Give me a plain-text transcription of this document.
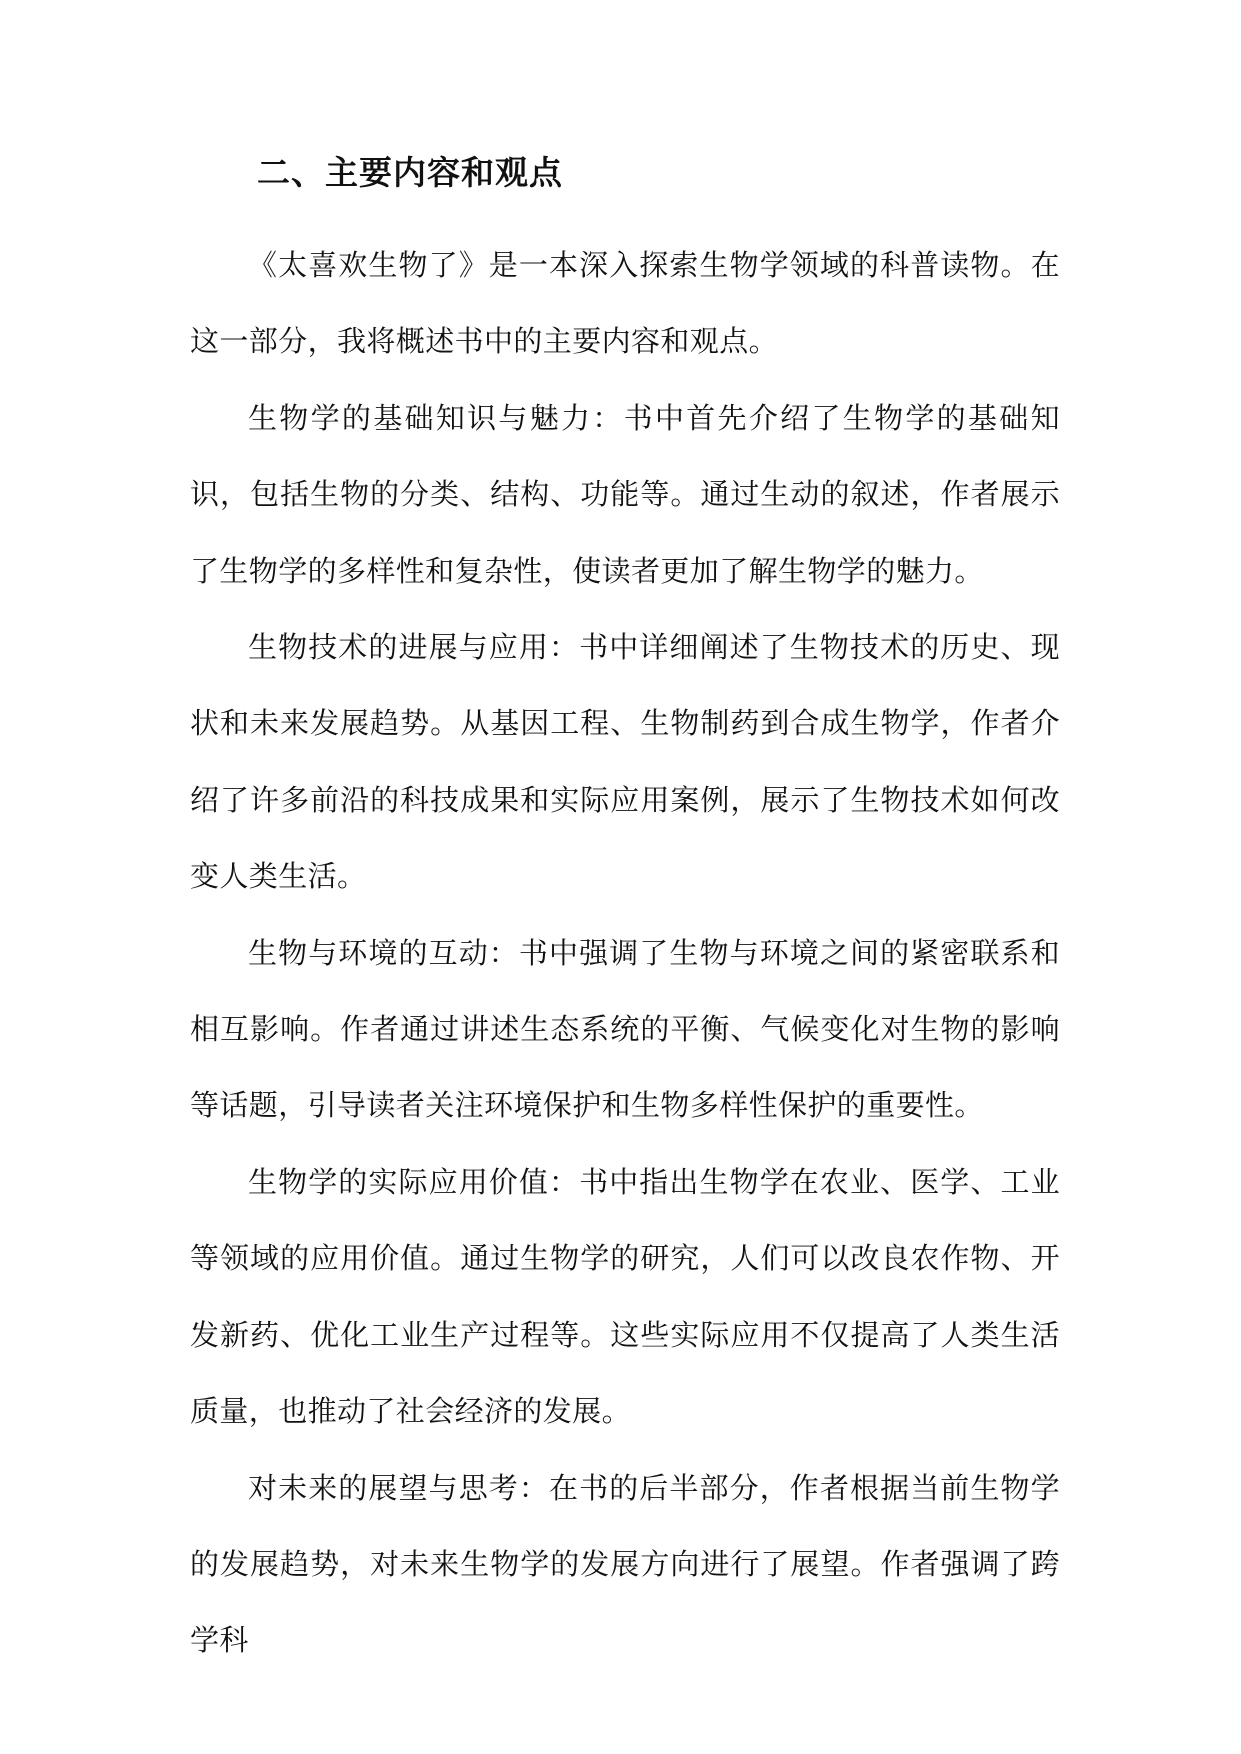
二、主要内容和观点

《太喜欢生物了》是一本深入探索生物学领域的科普读物。在这一部分，我将概述书中的主要内容和观点。

生物学的基础知识与魅力：书中首先介绍了生物学的基础知识，包括生物的分类、结构、功能等。通过生动的叙述，作者展示了生物学的多样性和复杂性，使读者更加了解生物学的魅力。

生物技术的进展与应用：书中详细阐述了生物技术的历史、现状和未来发展趋势。从基因工程、生物制药到合成生物学，作者介绍了许多前沿的科技成果和实际应用案例，展示了生物技术如何改变人类生活。

生物与环境的互动：书中强调了生物与环境之间的紧密联系和相互影响。作者通过讲述生态系统的平衡、气候变化对生物的影响等话题，引导读者关注环境保护和生物多样性保护的重要性。

生物学的实际应用价值：书中指出生物学在农业、医学、工业等领域的应用价值。通过生物学的研究，人们可以改良农作物、开发新药、优化工业生产过程等。这些实际应用不仅提高了人类生活质量，也推动了社会经济的发展。

对未来的展望与思考：在书的后半部分，作者根据当前生物学的发展趋势，对未来生物学的发展方向进行了展望。作者强调了跨学科
